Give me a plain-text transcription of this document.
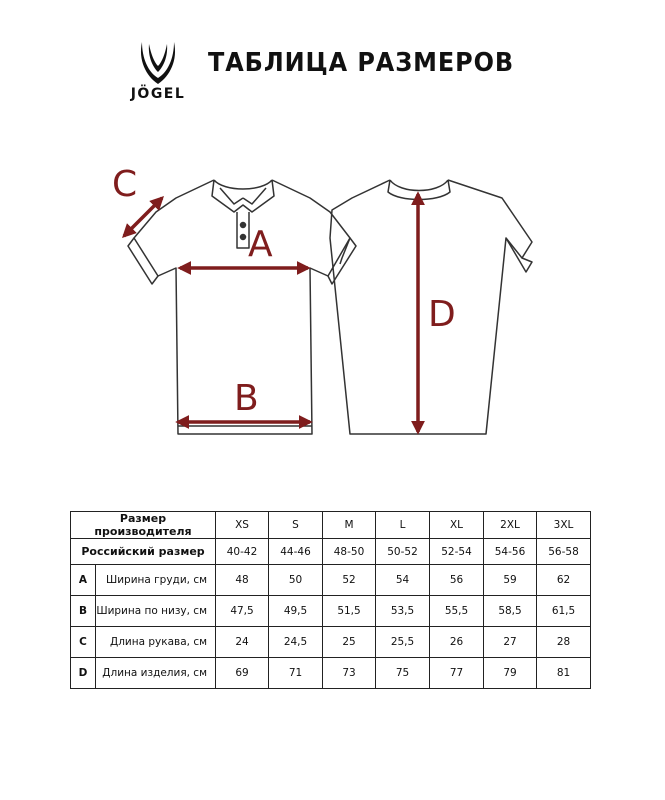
JÖGEL
ТАБЛИЦА РАЗМЕРОВ
A
B
C
D
Размер производителя		XS	S	M	L	XL	2XL	3XL
Российский размер		40-42	44-46	48-50	50-52	52-54	54-56	56-58
A	Ширина груди, см	48	50	52	54	56	59	62
B	Ширина по низу, см	47,5	49,5	51,5	53,5	55,5	58,5	61,5
C	Длина рукава, см	24	24,5	25	25,5	26	27	28
D	Длина изделия, см	69	71	73	75	77	79	81
